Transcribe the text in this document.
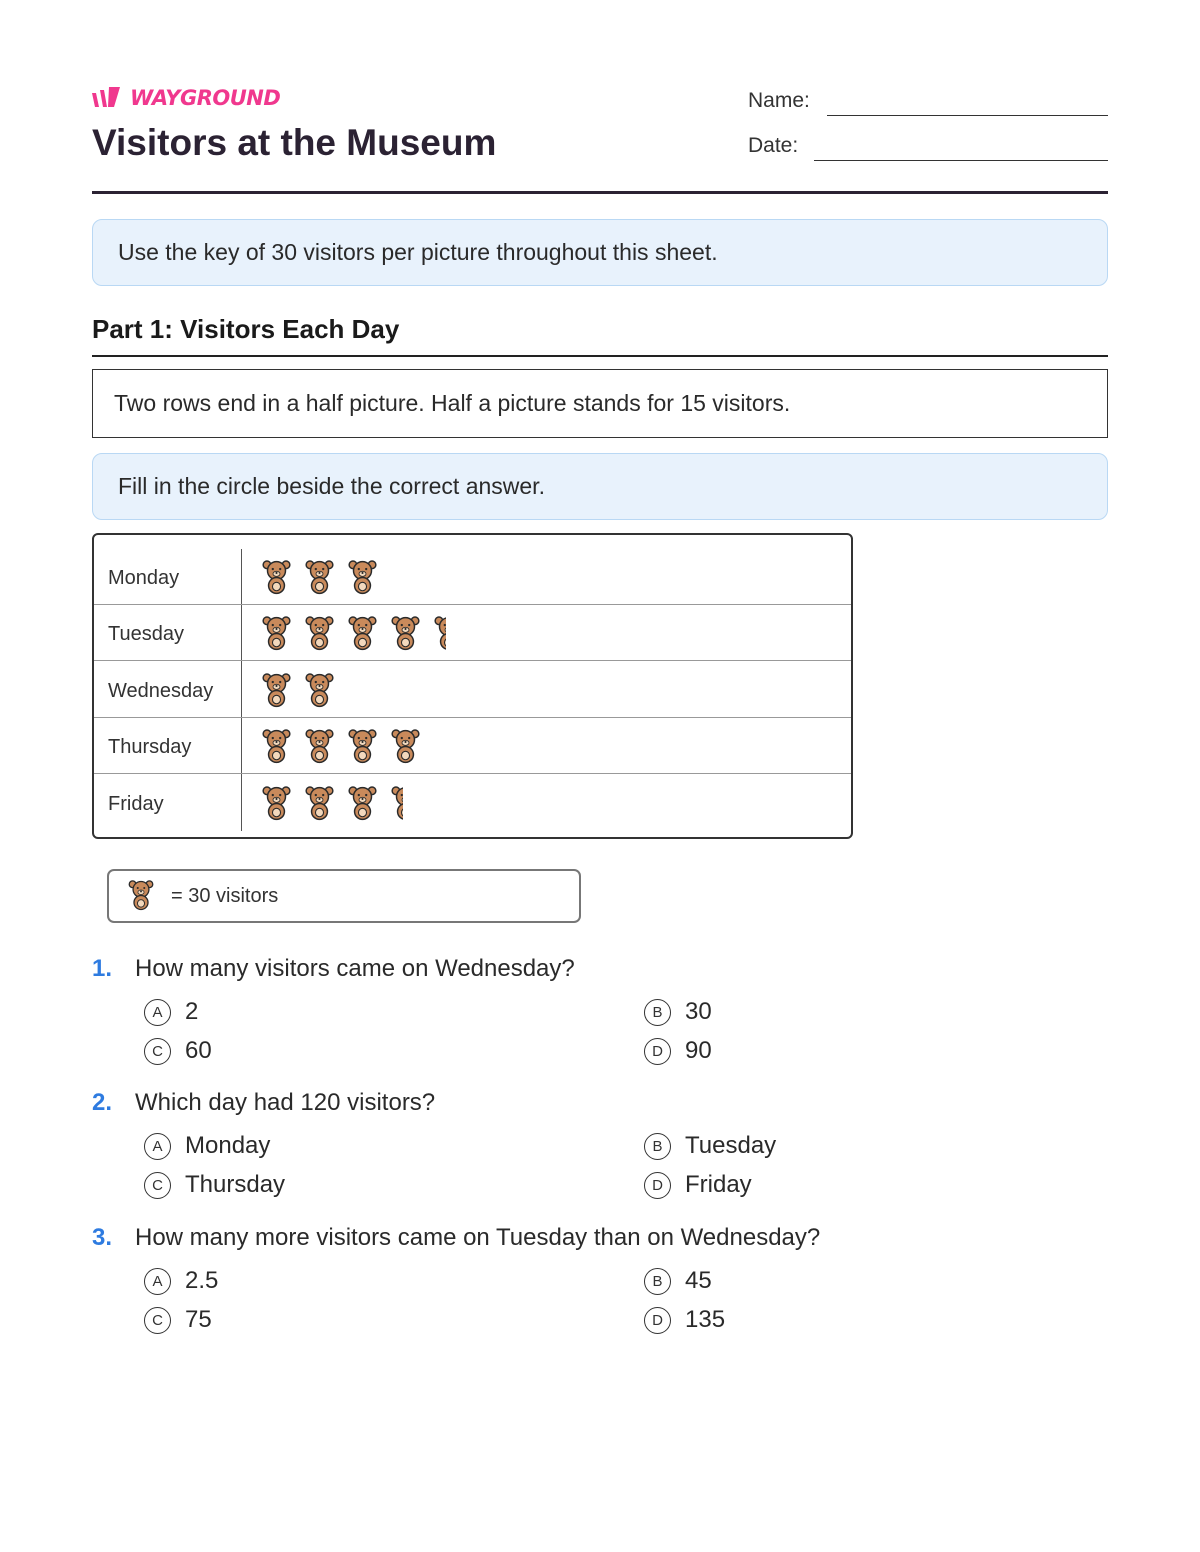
WAYGROUND
Visitors at the Museum
Name:
Date:
Use the key of 30 visitors per picture throughout this sheet.
Part 1: Visitors Each Day
Two rows end in a half picture. Half a picture stands for 15 visitors.
Fill in the circle beside the correct answer.
Monday
Tuesday
Wednesday
Thursday
Friday
= 30 visitors
1. How many visitors came on Wednesday?
A 2	B 30
C 60	D 90
2. Which day had 120 visitors?
A Monday	B Tuesday
C Thursday	D Friday
3. How many more visitors came on Tuesday than on Wednesday?
A 2.5	B 45
C 75	D 135
